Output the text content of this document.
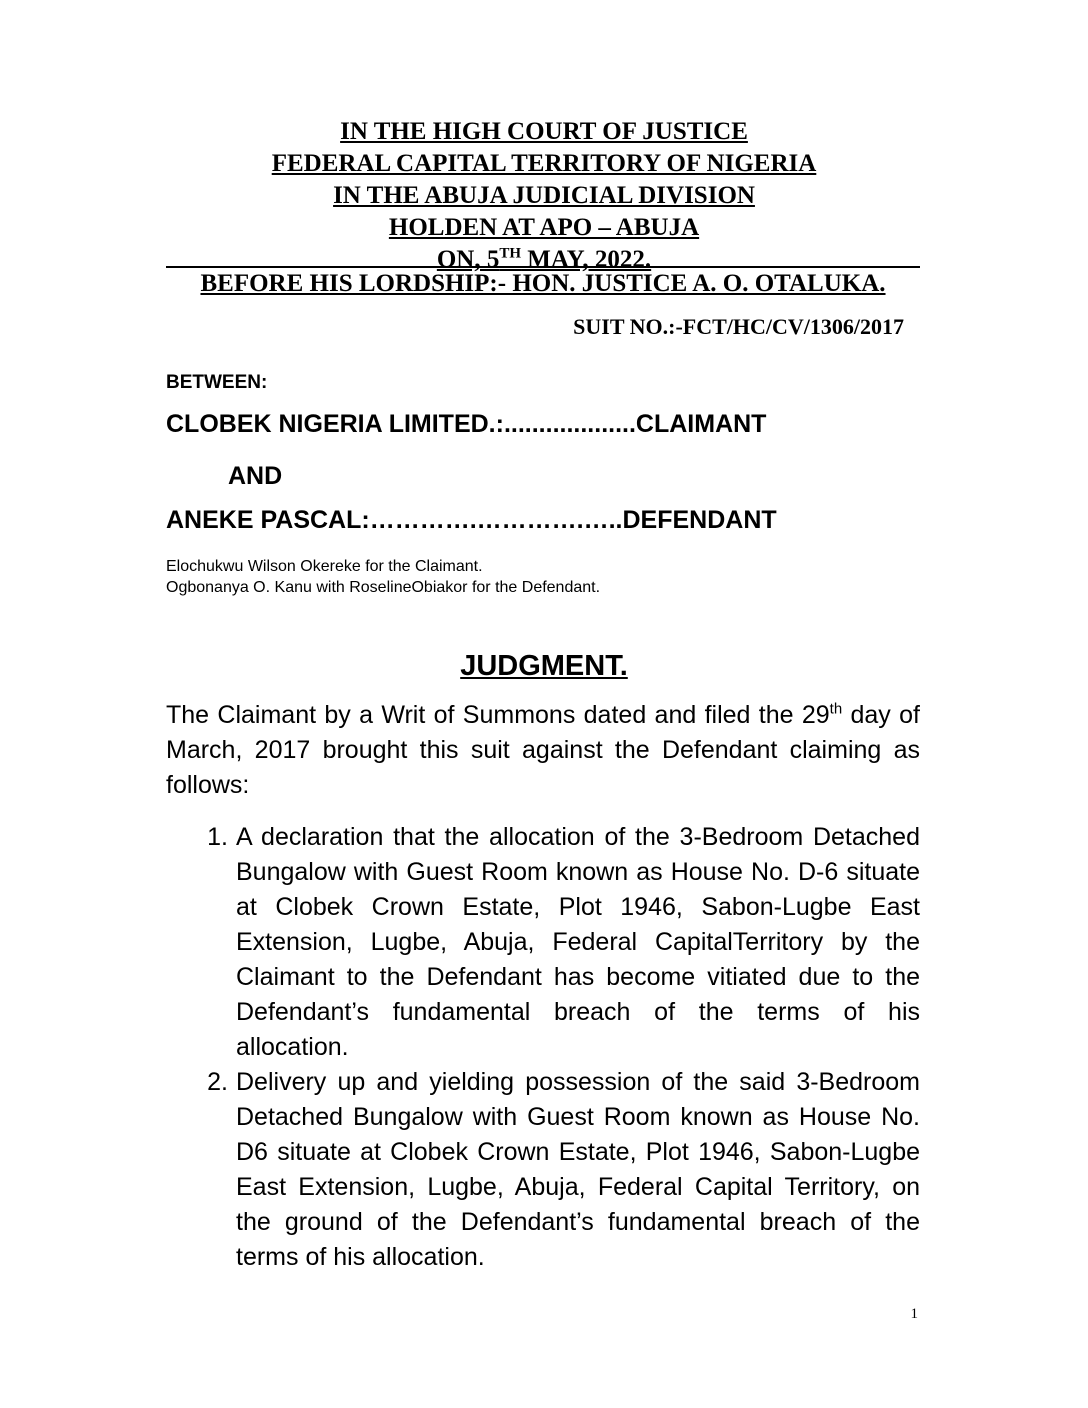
IN THE HIGH COURT OF JUSTICE
FEDERAL CAPITAL TERRITORY OF NIGERIA
IN THE ABUJA JUDICIAL DIVISION
HOLDEN AT APO – ABUJA
ON, 5TH MAY, 2022.
BEFORE HIS LORDSHIP:- HON. JUSTICE A. O. OTALUKA.
SUIT NO.:-FCT/HC/CV/1306/2017
BETWEEN:
CLOBEK NIGERIA LIMITED.:...................CLAIMANT
AND
ANEKE PASCAL:………….………….…..DEFENDANT
Elochukwu Wilson Okereke for the Claimant.
Ogbonanya O. Kanu with RoselineObiakor for the Defendant.
JUDGMENT.
The Claimant by a Writ of Summons dated and filed the 29th day of March, 2017 brought this suit against the Defendant claiming as follows:
1. A declaration that the allocation of the 3-Bedroom Detached Bungalow with Guest Room known as House No. D-6 situate at Clobek Crown Estate, Plot 1946, Sabon-Lugbe East Extension, Lugbe, Abuja, Federal CapitalTerritory by the Claimant to the Defendant has become vitiated due to the Defendant’s fundamental breach of the terms of his allocation.
2. Delivery up and yielding possession of the said 3-Bedroom Detached Bungalow with Guest Room known as House No. D6 situate at Clobek Crown Estate, Plot 1946, Sabon-Lugbe East Extension, Lugbe, Abuja, Federal Capital Territory, on the ground of the Defendant’s fundamental breach of the terms of his allocation.
1
